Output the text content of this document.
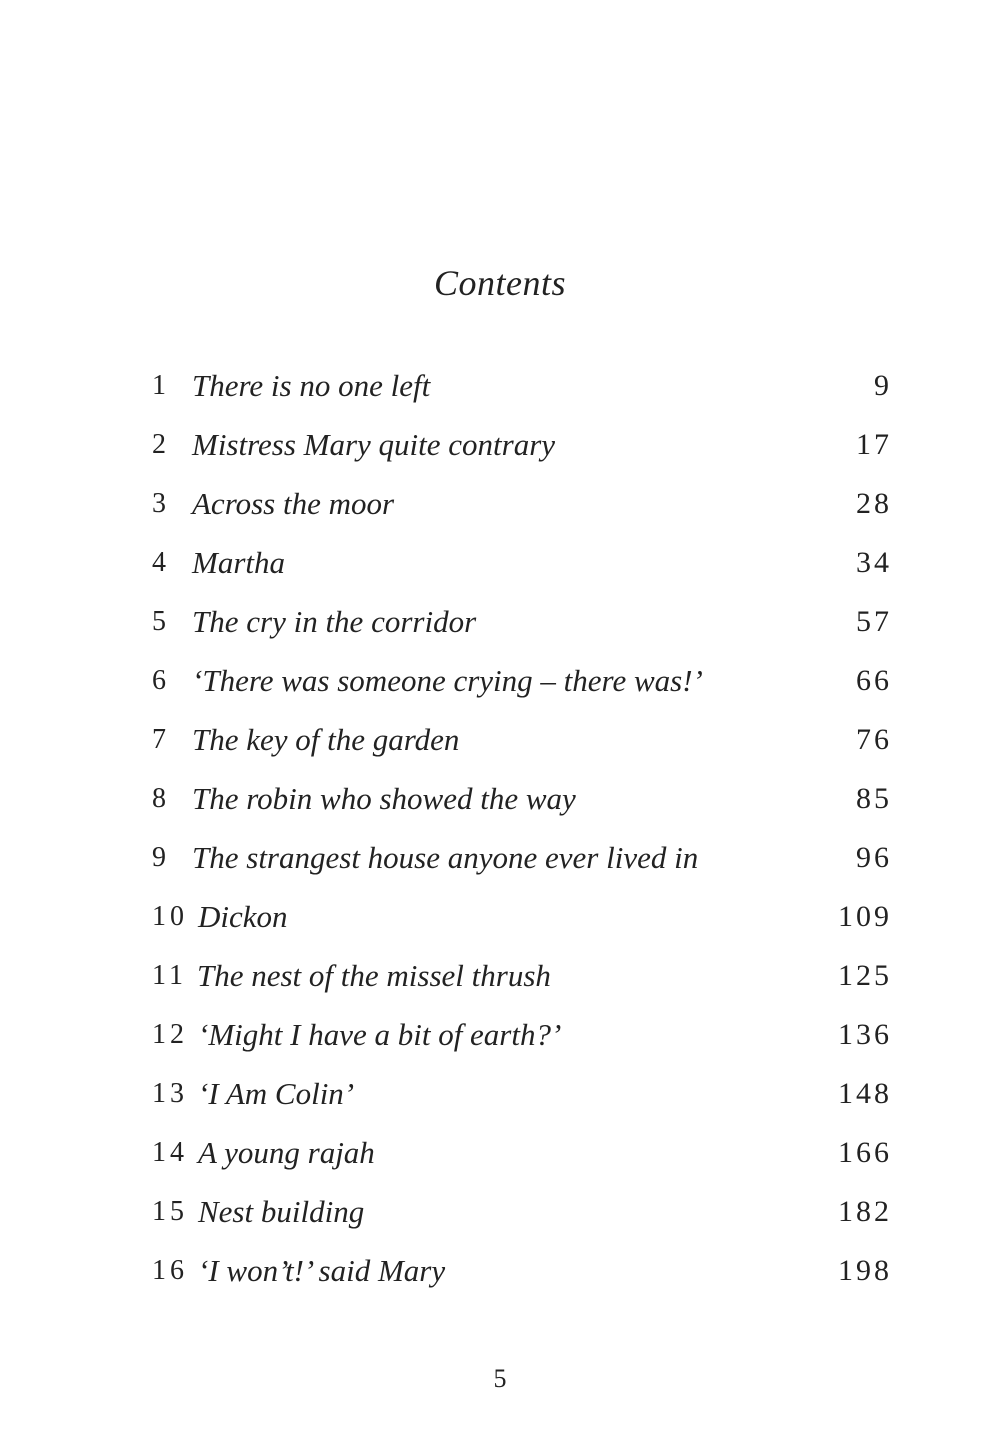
Contents
1 There is no one left	9
2 Mistress Mary quite contrary	17
3 Across the moor	28
4 Martha	34
5 The cry in the corridor	57
6 ‘There was someone crying – there was!’	66
7 The key of the garden	76
8 The robin who showed the way	85
9 The strangest house anyone ever lived in	96
10 Dickon	109
11 The nest of the missel thrush	125
12 ‘Might I have a bit of earth?’	136
13 ‘I Am Colin’	148
14 A young rajah	166
15 Nest building	182
16 ‘I won’t!’ said Mary	198
5
